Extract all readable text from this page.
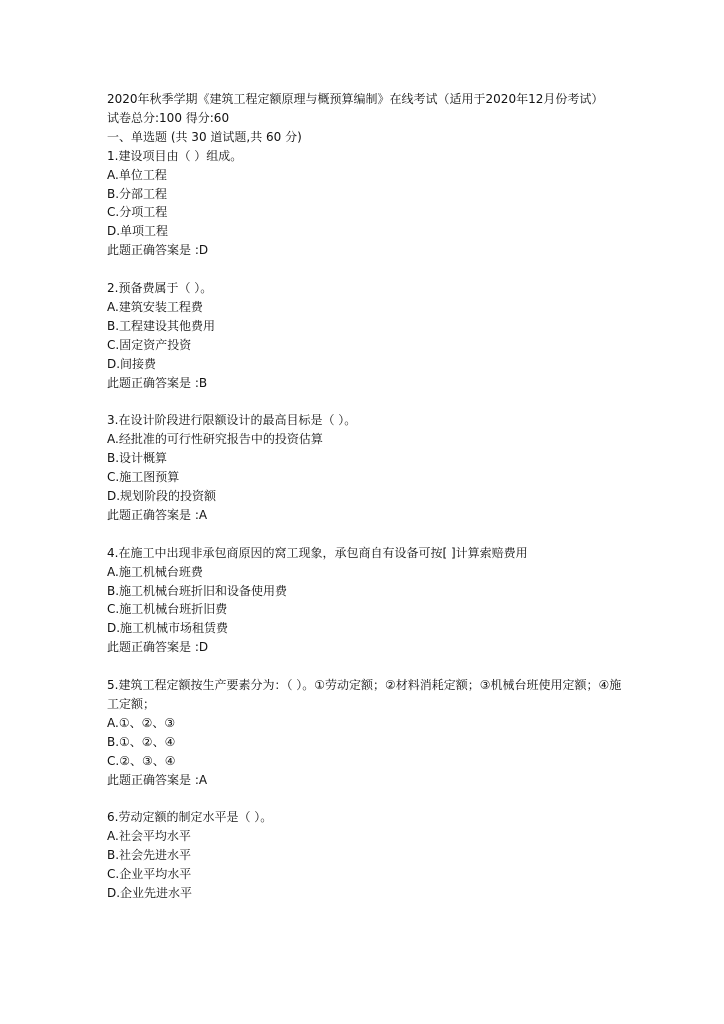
2020年秋季学期《建筑工程定额原理与概预算编制》在线考试（适用于2020年12月份考试）
试卷总分:100 得分:60
一、单选题 (共 30 道试题,共 60 分)
1.建设项目由（ ）组成。
A.单位工程
B.分部工程
C.分项工程
D.单项工程
此题正确答案是 :D
2.预备费属于（ ）。
A.建筑安装工程费
B.工程建设其他费用
C.固定资产投资
D.间接费
此题正确答案是 :B
3.在设计阶段进行限额设计的最高目标是（ ）。
A.经批准的可行性研究报告中的投资估算
B.设计概算
C.施工图预算
D.规划阶段的投资额
此题正确答案是 :A
4.在施工中出现非承包商原因的窝工现象，承包商自有设备可按[ ]计算索赔费用
A.施工机械台班费
B.施工机械台班折旧和设备使用费
C.施工机械台班折旧费
D.施工机械市场租赁费
此题正确答案是 :D
5.建筑工程定额按生产要素分为：（ ）。①劳动定额；②材料消耗定额；③机械台班使用定额；④施工定额；
A.①、②、③
B.①、②、④
C.②、③、④
此题正确答案是 :A
6.劳动定额的制定水平是（ ）。
A.社会平均水平
B.社会先进水平
C.企业平均水平
D.企业先进水平
